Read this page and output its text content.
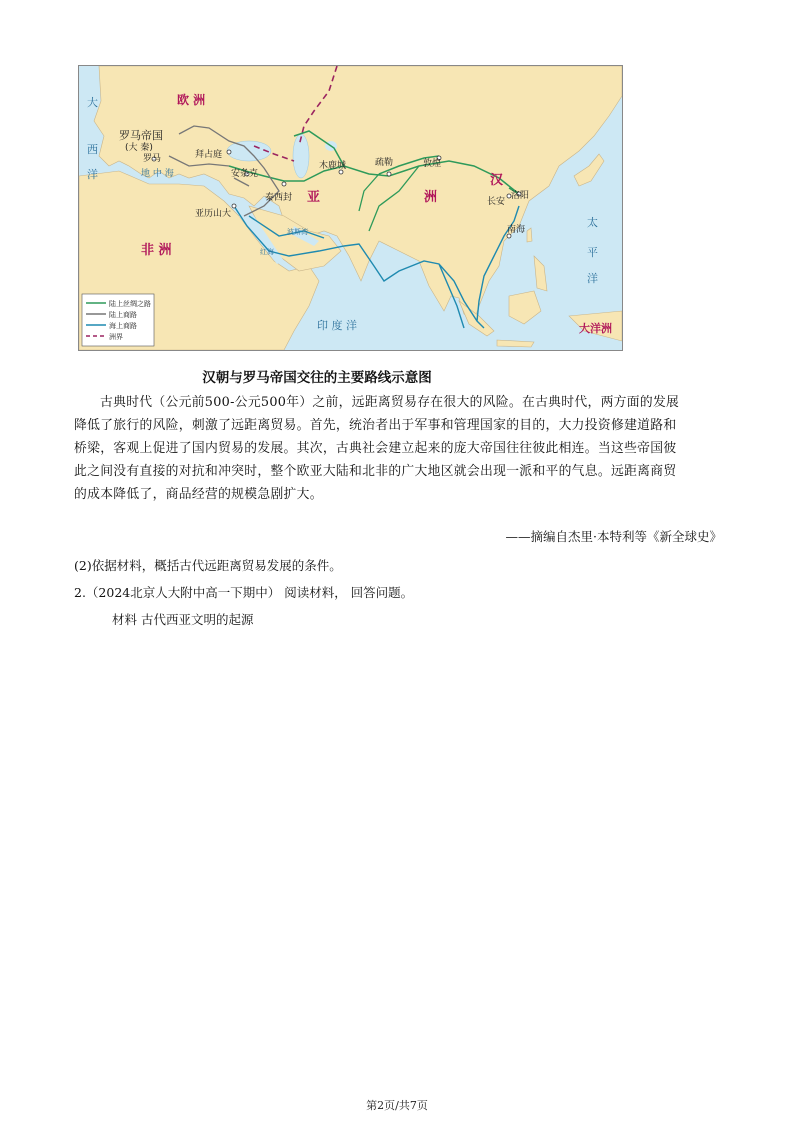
欧 洲
亚	洲
非 洲
印 度 洋	大洋洲
大
西
洋
太
平
洋
地 中 海
罗马帝国
(大 秦)
罗马	拜占庭
安条克
亚历山大
泰西封
木鹿城	疏勒	敦煌
汉
洛阳
长安
南海
红海
波斯湾
陆上丝绸之路
陆上商路
海上商路
洲界
汉朝与罗马帝国交往的主要路线示意图
古典时代（公元前500-公元500年）之前，远距离贸易存在很大的风险。在古典时代，两方面的发展
降低了旅行的风险，刺激了远距离贸易。首先，统治者出于军事和管理国家的目的，大力投资修建道路和
桥梁，客观上促进了国内贸易的发展。其次，古典社会建立起来的庞大帝国往往彼此相连。当这些帝国彼
此之间没有直接的对抗和冲突时，整个欧亚大陆和北非的广大地区就会出现一派和平的气息。远距离商贸
的成本降低了，商品经营的规模急剧扩大。
——摘编自杰里·本特利等《新全球史》
(2)依据材料，概括古代远距离贸易发展的条件。
2.（2024北京人大附中高一下期中） 阅读材料， 回答问题。
材料 古代西亚文明的起源
第2页/共7页
